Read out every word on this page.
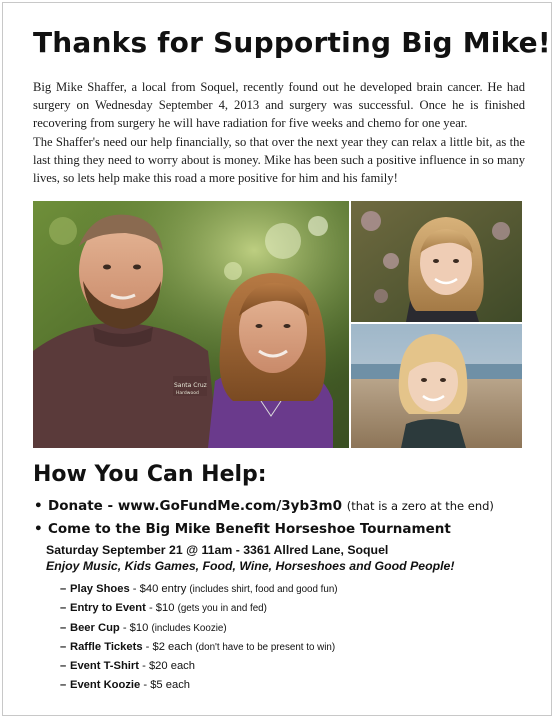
Thanks for Supporting Big Mike!

Big Mike Shaffer, a local from Soquel, recently found out he developed brain cancer. He had surgery on Wednesday September 4, 2013 and surgery was successful. Once he is finished recovering from surgery he will have radiation for five weeks and chemo for one year.

The Shaffer's need our help financially, so that over the next year they can relax a little bit, as the last thing they need to worry about is money. Mike has been such a positive influence in so many lives, so lets help make this road a more positive for him and his family!

Santa Cruz
Hardwood
How You Can Help:
• Donate - www.GoFundMe.com/3yb3m0 (that is a zero at the end)
• Come to the Big Mike Benefit Horseshoe Tournament
Saturday September 21 @ 11am - 3361 Allred Lane, Soquel
Enjoy Music, Kids Games, Food, Wine, Horseshoes and Good People!
– Play Shoes - $40 entry (includes shirt, food and good fun)
– Entry to Event - $10 (gets you in and fed)
– Beer Cup - $10 (includes Koozie)
– Raffle Tickets - $2 each (don't have to be present to win)
– Event T-Shirt - $20 each
– Event Koozie - $5 each
